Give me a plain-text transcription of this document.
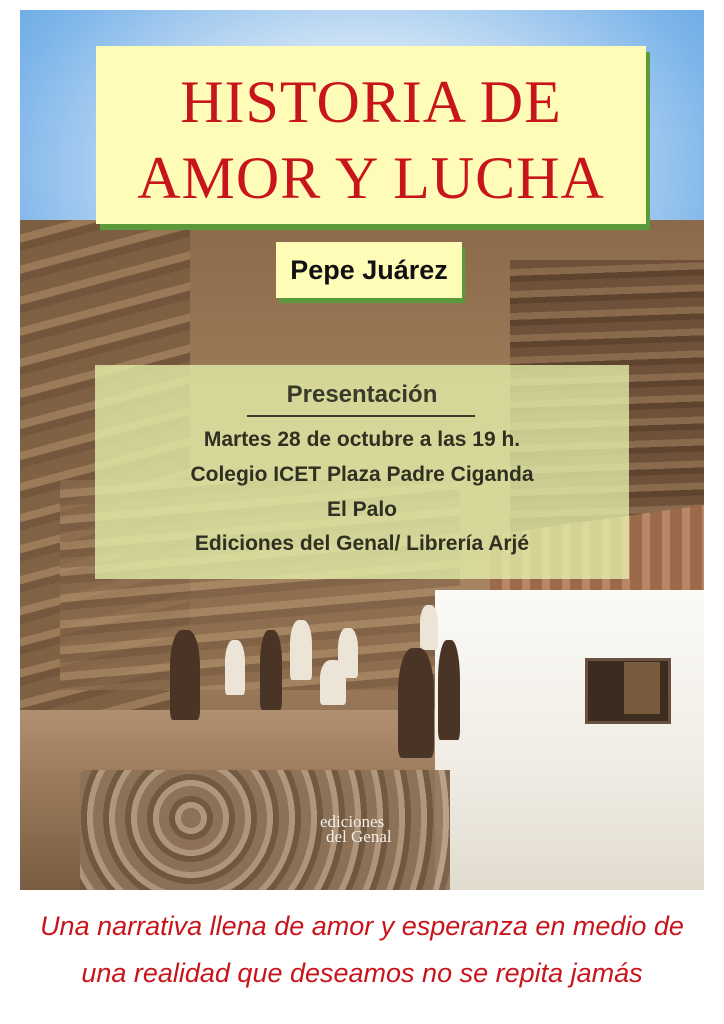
ediciones
del Genal
HISTORIA DE
AMOR Y LUCHA
Pepe Juárez
Presentación
Martes 28 de octubre a las 19 h.
Colegio ICET Plaza Padre Ciganda
El Palo
Ediciones del Genal/ Librería Arjé
Una narrativa llena de amor y esperanza en medio de
una realidad que deseamos no se repita jamás
